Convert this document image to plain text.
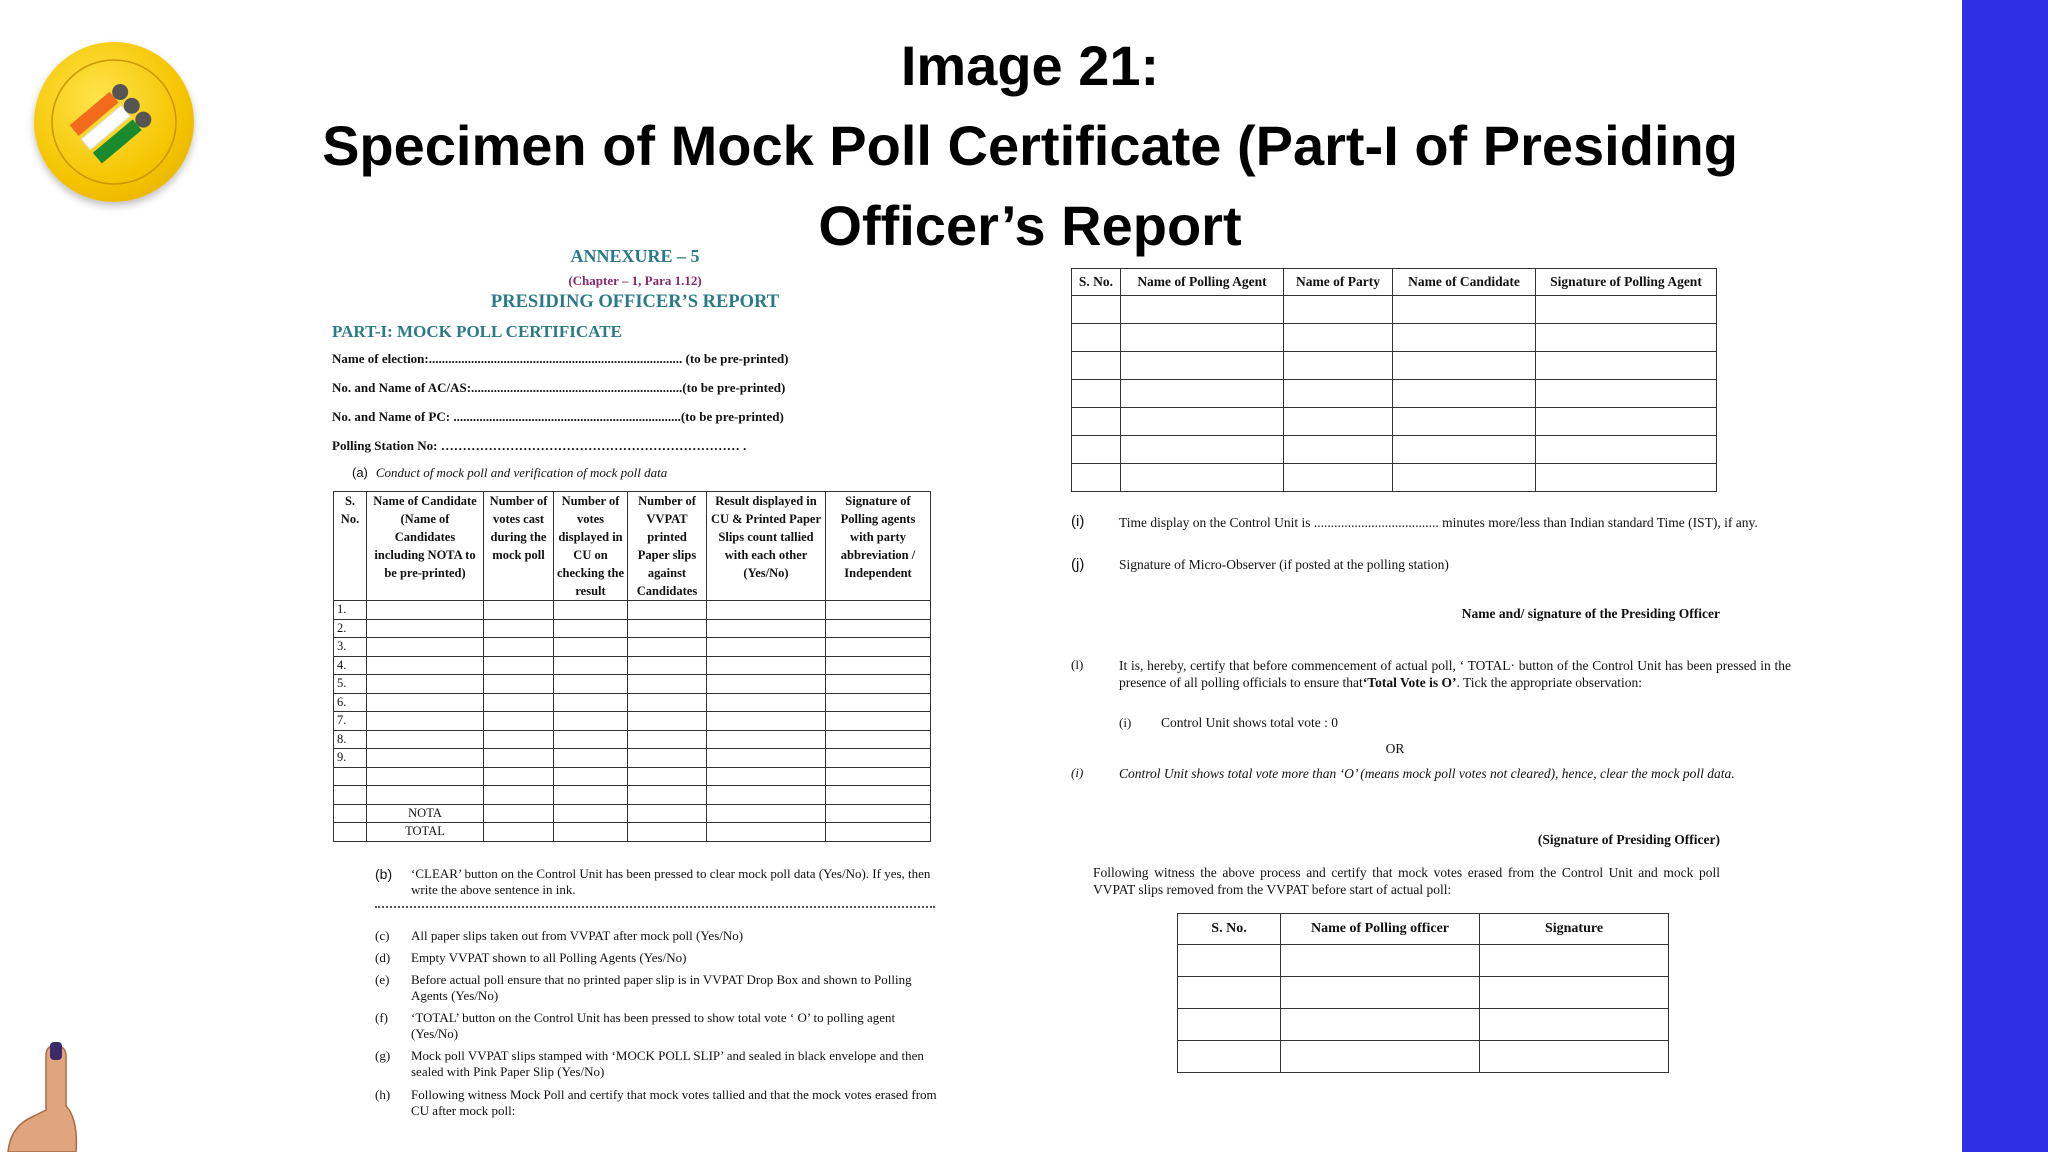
Image 21:
Specimen of Mock Poll Certificate (Part-I of Presiding
Officer’s Report
ANNEXURE – 5
(Chapter – 1, Para 1.12)
PRESIDING OFFICER’S REPORT
PART-I: MOCK POLL CERTIFICATE
Name of election:.............................................................................. (to be pre-printed)
No. and Name of AC/AS:.................................................................(to be pre-printed)
No. and Name of PC: ......................................................................(to be pre-printed)
Polling Station No: …………………………………………………………… .
(a) Conduct of mock poll and verification of mock poll data
S. No.	Name of Candidate (Name of Candidates including NOTA to be pre-printed)	Number of votes cast during the mock poll	Number of votes displayed in CU on checking the result	Number of VVPAT printed Paper slips against Candidates	Result displayed in CU & Printed Paper Slips count tallied with each other (Yes/No)	Signature of Polling agents with party abbreviation / Independent
1.						
2.						
3.						
4.						
5.						
6.						
7.						
8.						
9.						

	NOTA					
	TOTAL					
(b) ‘CLEAR’ button on the Control Unit has been pressed to clear mock poll data (Yes/No). If yes, then write the above sentence in ink.
(c) All paper slips taken out from VVPAT after mock poll (Yes/No)
(d) Empty VVPAT shown to all Polling Agents (Yes/No)
(e) Before actual poll ensure that no printed paper slip is in VVPAT Drop Box and shown to Polling Agents (Yes/No)
(f) ‘TOTAL’ button on the Control Unit has been pressed to show total vote ‘ O’ to polling agent (Yes/No)
(g) Mock poll VVPAT slips stamped with ‘MOCK POLL SLIP’ and sealed in black envelope and then sealed with Pink Paper Slip (Yes/No)
(h) Following witness Mock Poll and certify that mock votes tallied and that the mock votes erased from CU after mock poll:
S. No.	Name of Polling Agent	Name of Party	Name of Candidate	Signature of Polling Agent

(i)	Time display on the Control Unit is ..................................... minutes more/less than Indian standard Time (IST), if any.
(j)	Signature of Micro-Observer (if posted at the polling station)
Name and/ signature of the Presiding Officer
(l)	It is, hereby, certify that before commencement of actual poll, ‘ TOTAL· button of the Control Unit has been pressed in the presence of all polling officials to ensure that‘Total Vote is O’. Tick the appropriate observation:
(i) Control Unit shows total vote : 0
OR
(i)	Control Unit shows total vote more than ‘O’ (means mock poll votes not cleared), hence, clear the mock poll data.
(Signature of Presiding Officer)
Following witness the above process and certify that mock votes erased from the Control Unit and mock poll VVPAT slips removed from the VVPAT before start of actual poll:
S. No.	Name of Polling officer	Signature
